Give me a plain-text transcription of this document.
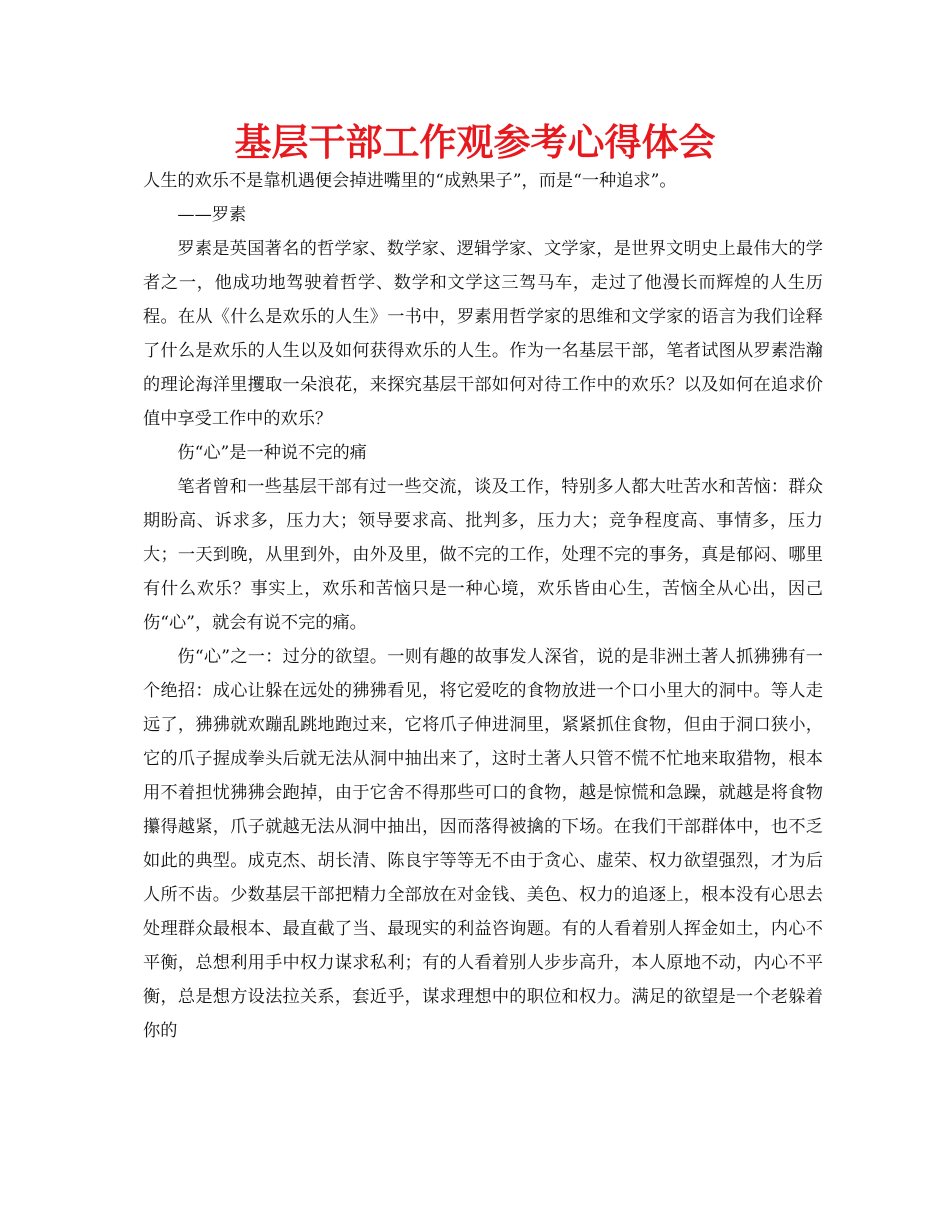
基层干部工作观参考心得体会

人生的欢乐不是靠机遇便会掉进嘴里的“成熟果子”，而是“一种追求”。

——罗素

罗素是英国著名的哲学家、数学家、逻辑学家、文学家，是世界文明史上最伟大的学者之一，他成功地驾驶着哲学、数学和文学这三驾马车，走过了他漫长而辉煌的人生历程。在从《什么是欢乐的人生》一书中，罗素用哲学家的思维和文学家的语言为我们诠释了什么是欢乐的人生以及如何获得欢乐的人生。作为一名基层干部，笔者试图从罗素浩瀚的理论海洋里攫取一朵浪花，来探究基层干部如何对待工作中的欢乐？以及如何在追求价值中享受工作中的欢乐？

伤“心”是一种说不完的痛

笔者曾和一些基层干部有过一些交流，谈及工作，特别多人都大吐苦水和苦恼：群众期盼高、诉求多，压力大；领导要求高、批判多，压力大；竞争程度高、事情多，压力大；一天到晚，从里到外，由外及里，做不完的工作，处理不完的事务，真是郁闷、哪里有什么欢乐？事实上，欢乐和苦恼只是一种心境，欢乐皆由心生，苦恼全从心出，因己伤“心”，就会有说不完的痛。

伤“心”之一：过分的欲望。一则有趣的故事发人深省，说的是非洲土著人抓狒狒有一个绝招：成心让躲在远处的狒狒看见，将它爱吃的食物放进一个口小里大的洞中。等人走远了，狒狒就欢蹦乱跳地跑过来，它将爪子伸进洞里，紧紧抓住食物，但由于洞口狭小，它的爪子握成拳头后就无法从洞中抽出来了，这时土著人只管不慌不忙地来取猎物，根本用不着担忧狒狒会跑掉，由于它舍不得那些可口的食物，越是惊慌和急躁，就越是将食物攥得越紧，爪子就越无法从洞中抽出，因而落得被擒的下场。在我们干部群体中，也不乏如此的典型。成克杰、胡长清、陈良宇等等无不由于贪心、虚荣、权力欲望强烈，才为后人所不齿。少数基层干部把精力全部放在对金钱、美色、权力的追逐上，根本没有心思去处理群众最根本、最直截了当、最现实的利益咨询题。有的人看着别人挥金如土，内心不平衡，总想利用手中权力谋求私利；有的人看着别人步步高升，本人原地不动，内心不平衡，总是想方设法拉关系，套近乎，谋求理想中的职位和权力。满足的欲望是一个老躲着你的
